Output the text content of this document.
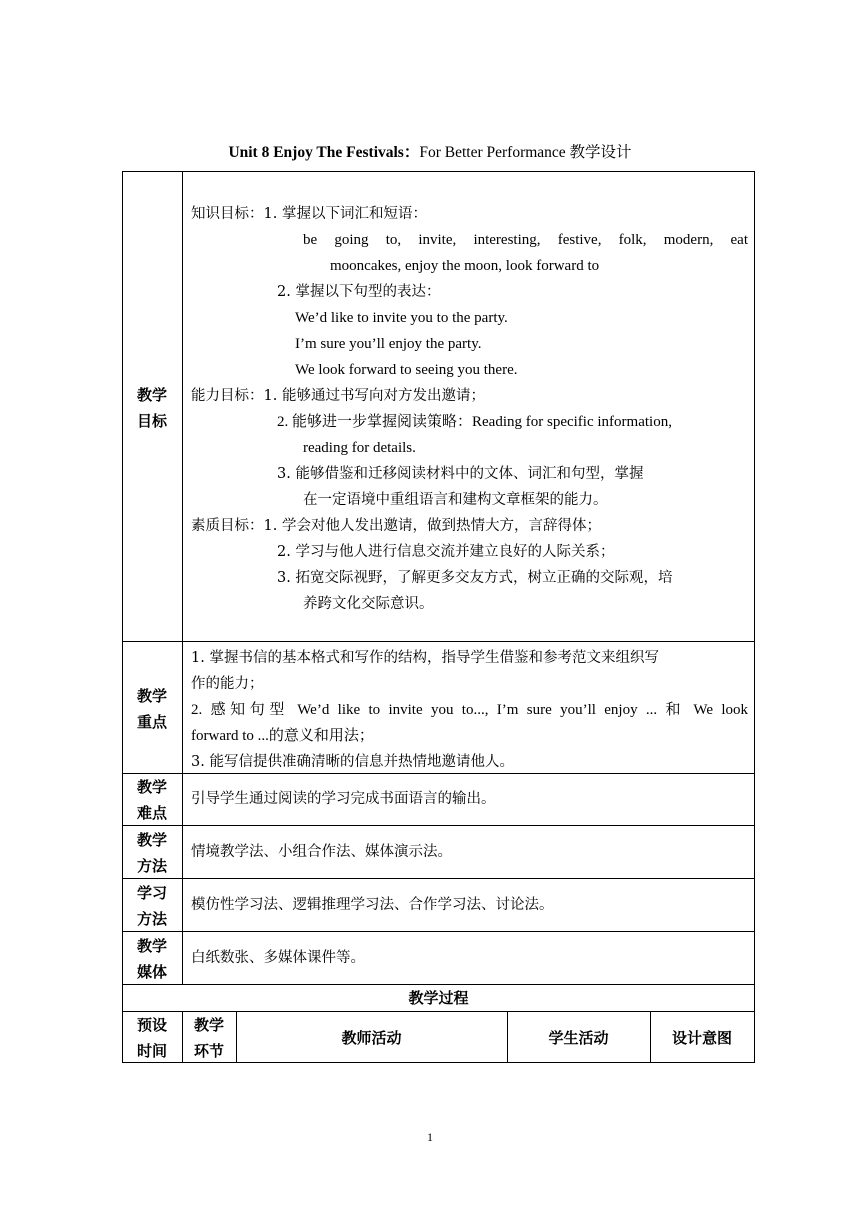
Unit 8 Enjoy The Festivals：For Better Performance 教学设计
教学
目标
知识目标：1. 掌握以下词汇和短语：
be going to, invite, interesting, festive, folk, modern, eat
mooncakes, enjoy the moon, look forward to
2. 掌握以下句型的表达：
We’d like to invite you to the party.
I’m sure you’ll enjoy the party.
We look forward to seeing you there.
能力目标：1. 能够通过书写向对方发出邀请；
2. 能够进一步掌握阅读策略：Reading for specific information,
reading for details.
3. 能够借鉴和迁移阅读材料中的文体、词汇和句型，掌握
在一定语境中重组语言和建构文章框架的能力。
素质目标：1. 学会对他人发出邀请，做到热情大方，言辞得体；
2. 学习与他人进行信息交流并建立良好的人际关系；
3. 拓宽交际视野，了解更多交友方式，树立正确的交际观，培
养跨文化交际意识。
教学
重点
1. 掌握书信的基本格式和写作的结构，指导学生借鉴和参考范文来组织写
作的能力；
2. 感知句型 We’d like to invite you to..., I’m sure you’ll enjoy ... 和 We look
forward to ...的意义和用法；
3. 能写信提供准确清晰的信息并热情地邀请他人。
教学
难点
引导学生通过阅读的学习完成书面语言的输出。
教学
方法
情境教学法、小组合作法、媒体演示法。
学习
方法
模仿性学习法、逻辑推理学习法、合作学习法、讨论法。
教学
媒体
白纸数张、多媒体课件等。
教学过程
预设
时间
教学
环节
教师活动	学生活动	设计意图
1
